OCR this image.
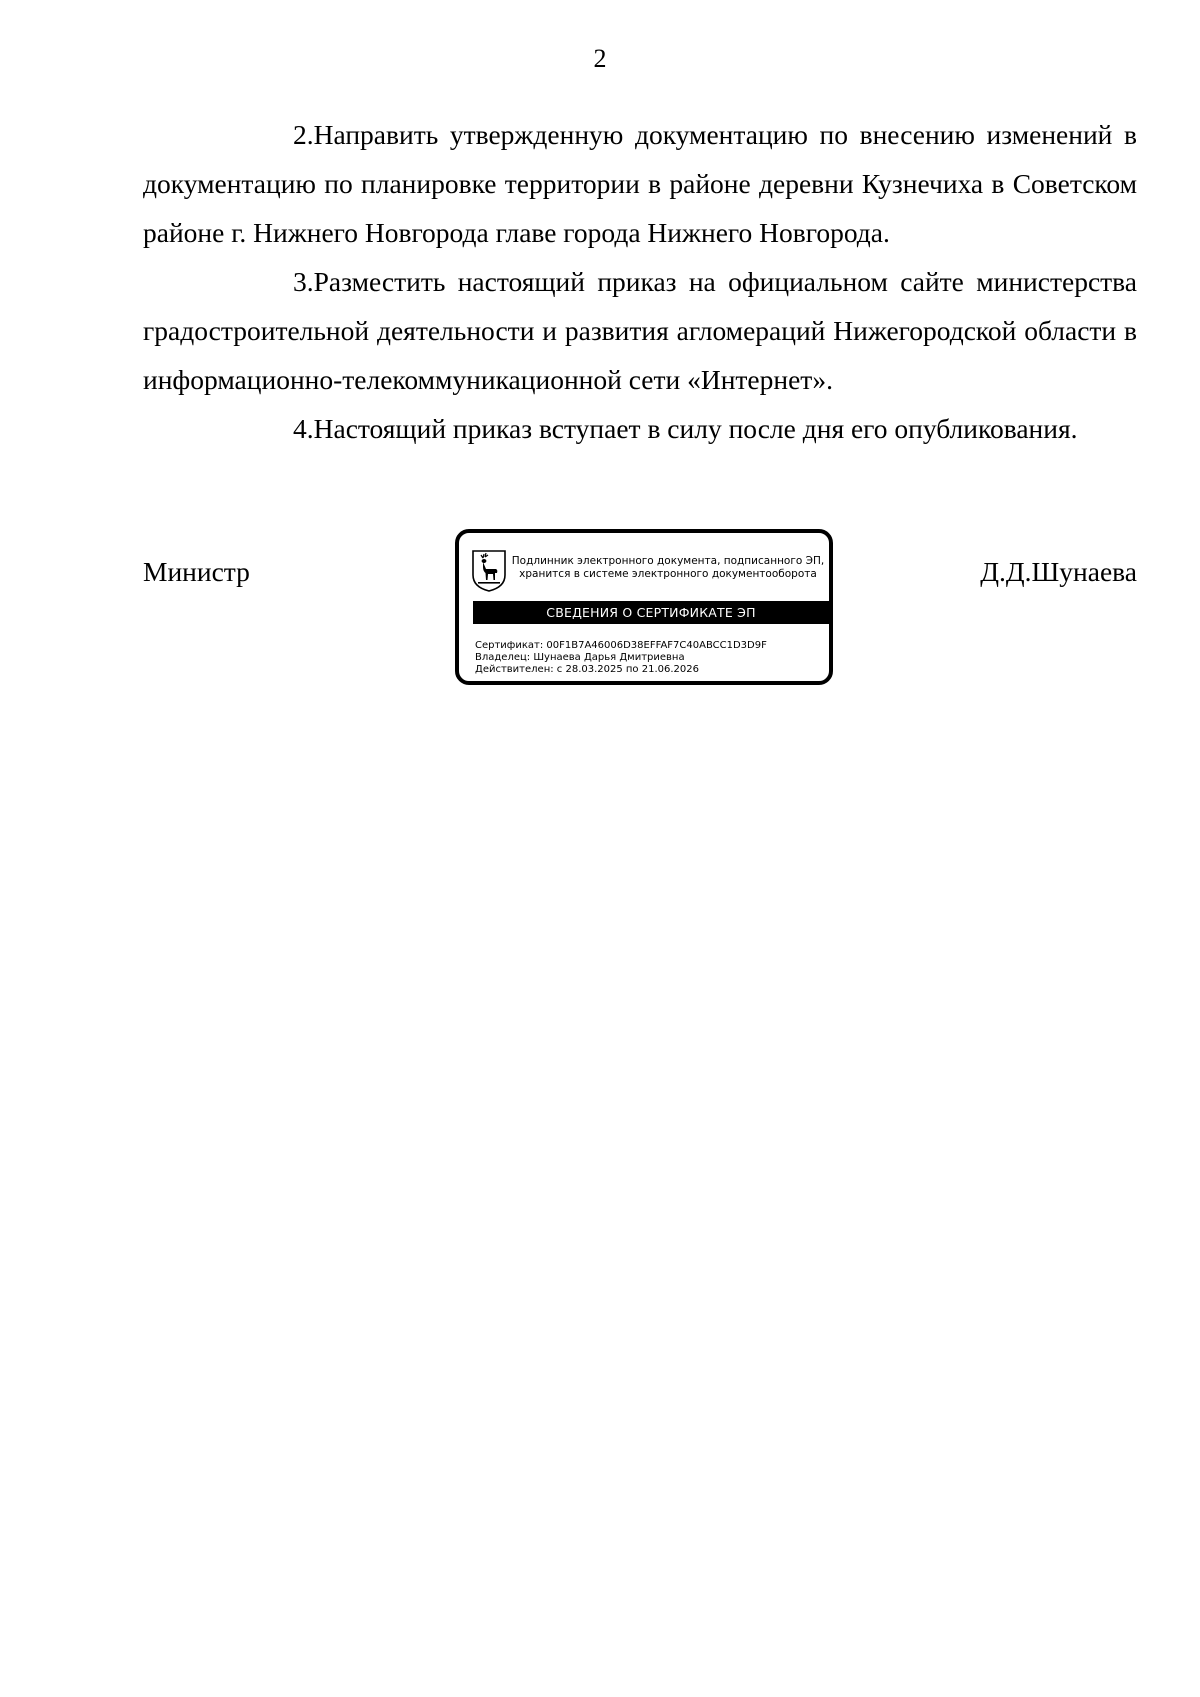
2

2.Направить утвержденную документацию по внесению изменений в документацию по планировке территории в районе деревни Кузнечиха в Советском районе г. Нижнего Новгорода главе города Нижнего Новгорода.

3.Разместить настоящий приказ на официальном сайте министерства градостроительной деятельности и развития агломераций Нижегородской области в информационно-телекоммуникационной сети «Интернет».

4.Настоящий приказ вступает в силу после дня его опубликования.

Министр	Д.Д.Шунаева
Подлинник электронного документа, подписанного ЭП,
хранится в системе электронного документооборота
СВЕДЕНИЯ О СЕРТИФИКАТЕ ЭП
Сертификат: 00F1B7A46006D38EFFAF7C40ABCC1D3D9F
Владелец: Шунаева Дарья Дмитриевна
Действителен: с 28.03.2025 по 21.06.2026
